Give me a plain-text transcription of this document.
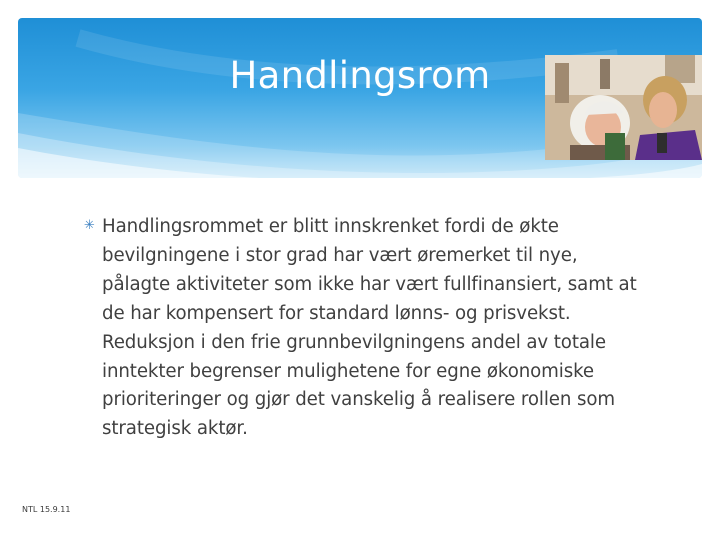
Handlingsrom
✳ Handlingsrommet er blitt innskrenket fordi de økte bevilgningene i stor grad har vært øremerket til nye, pålagte aktiviteter som ikke har vært fullfinansiert, samt at de har kompensert for standard lønns- og prisvekst. Reduksjon i den frie grunnbevilgningens andel av totale inntekter begrenser mulighetene for egne økonomiske prioriteringer og gjør det vanskelig å realisere rollen som strategisk aktør.
NTL 15.9.11
